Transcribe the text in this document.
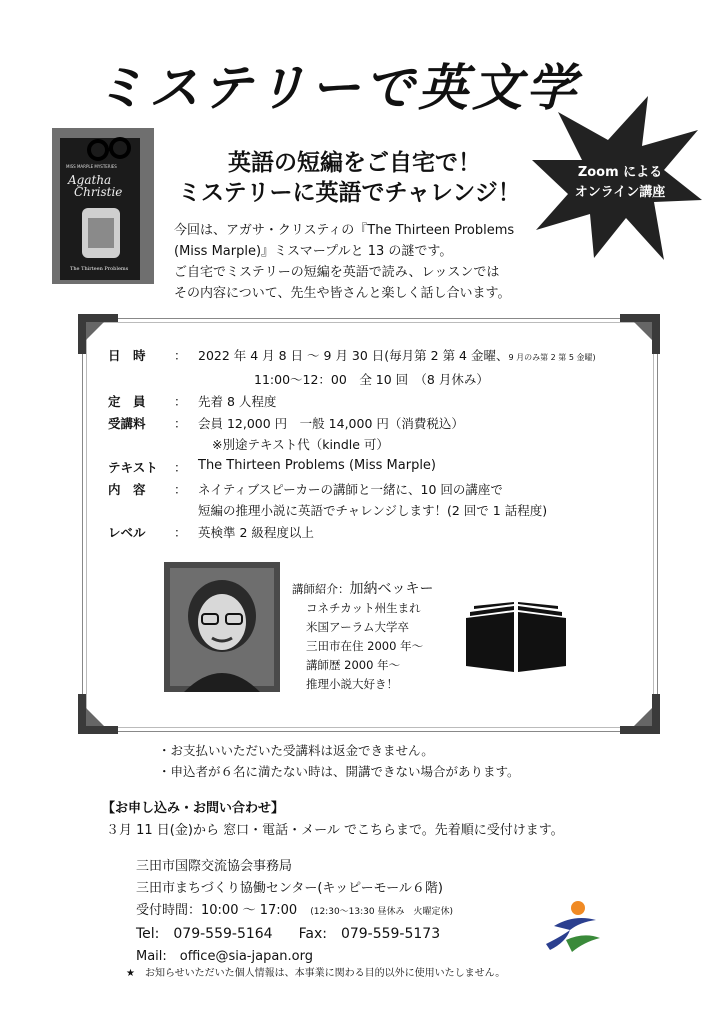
ミステリーで英文学
MISS MARPLE MYSTERIES
Agatha
Christie
The Thirteen Problems
英語の短編をご自宅で！
ミステリーに英語でチャレンジ！
Zoom による
オンライン講座
今回は、アガサ・クリスティの『The Thirteen Problems
(Miss Marple)』ミスマープルと 13 の謎です。
ご自宅でミステリーの短編を英語で読み、レッスンでは
その内容について、先生や皆さんと楽しく話し合います。
日　時 ： 2022 年 4 月 8 日 ～ 9 月 30 日(毎月第 2 第 4 金曜、9 月のみ第 2 第 5 金曜)
11:00～12：00　全 10 回　（8 月休み）
定　員 ： 先着 8 人程度
受講料 ： 会員 12,000 円　一般 14,000 円（消費税込）
※別途テキスト代（kindle 可）
テキスト ： The Thirteen Problems (Miss Marple)
内　容 ： ネイティブスピーカーの講師と一緒に、10 回の講座で
短編の推理小説に英語でチャレンジします！(2 回で 1 話程度)
レベル ： 英検準 2 級程度以上
講師紹介：加納ベッキー
コネチカット州生まれ
米国アーラム大学卒
三田市在住 2000 年～
講師歴 2000 年～
推理小説大好き！
・お支払いいただいた受講料は返金できません。
・申込者が６名に満たない時は、開講できない場合があります。
【お申し込み・お問い合わせ】
３月 11 日(金)から 窓口・電話・メール でこちらまで。先着順に受付けます。
三田市国際交流協会事務局
三田市まちづくり協働センター(キッピーモール６階)
受付時間：10:00 ～ 17:00　 (12:30～13:30 昼休み　火曜定休)
Tel:　079-559-5164　　 Fax:　079-559-5173
Mail:　office@sia-japan.org
★　お知らせいただいた個人情報は、本事業に関わる目的以外に使用いたしません。
